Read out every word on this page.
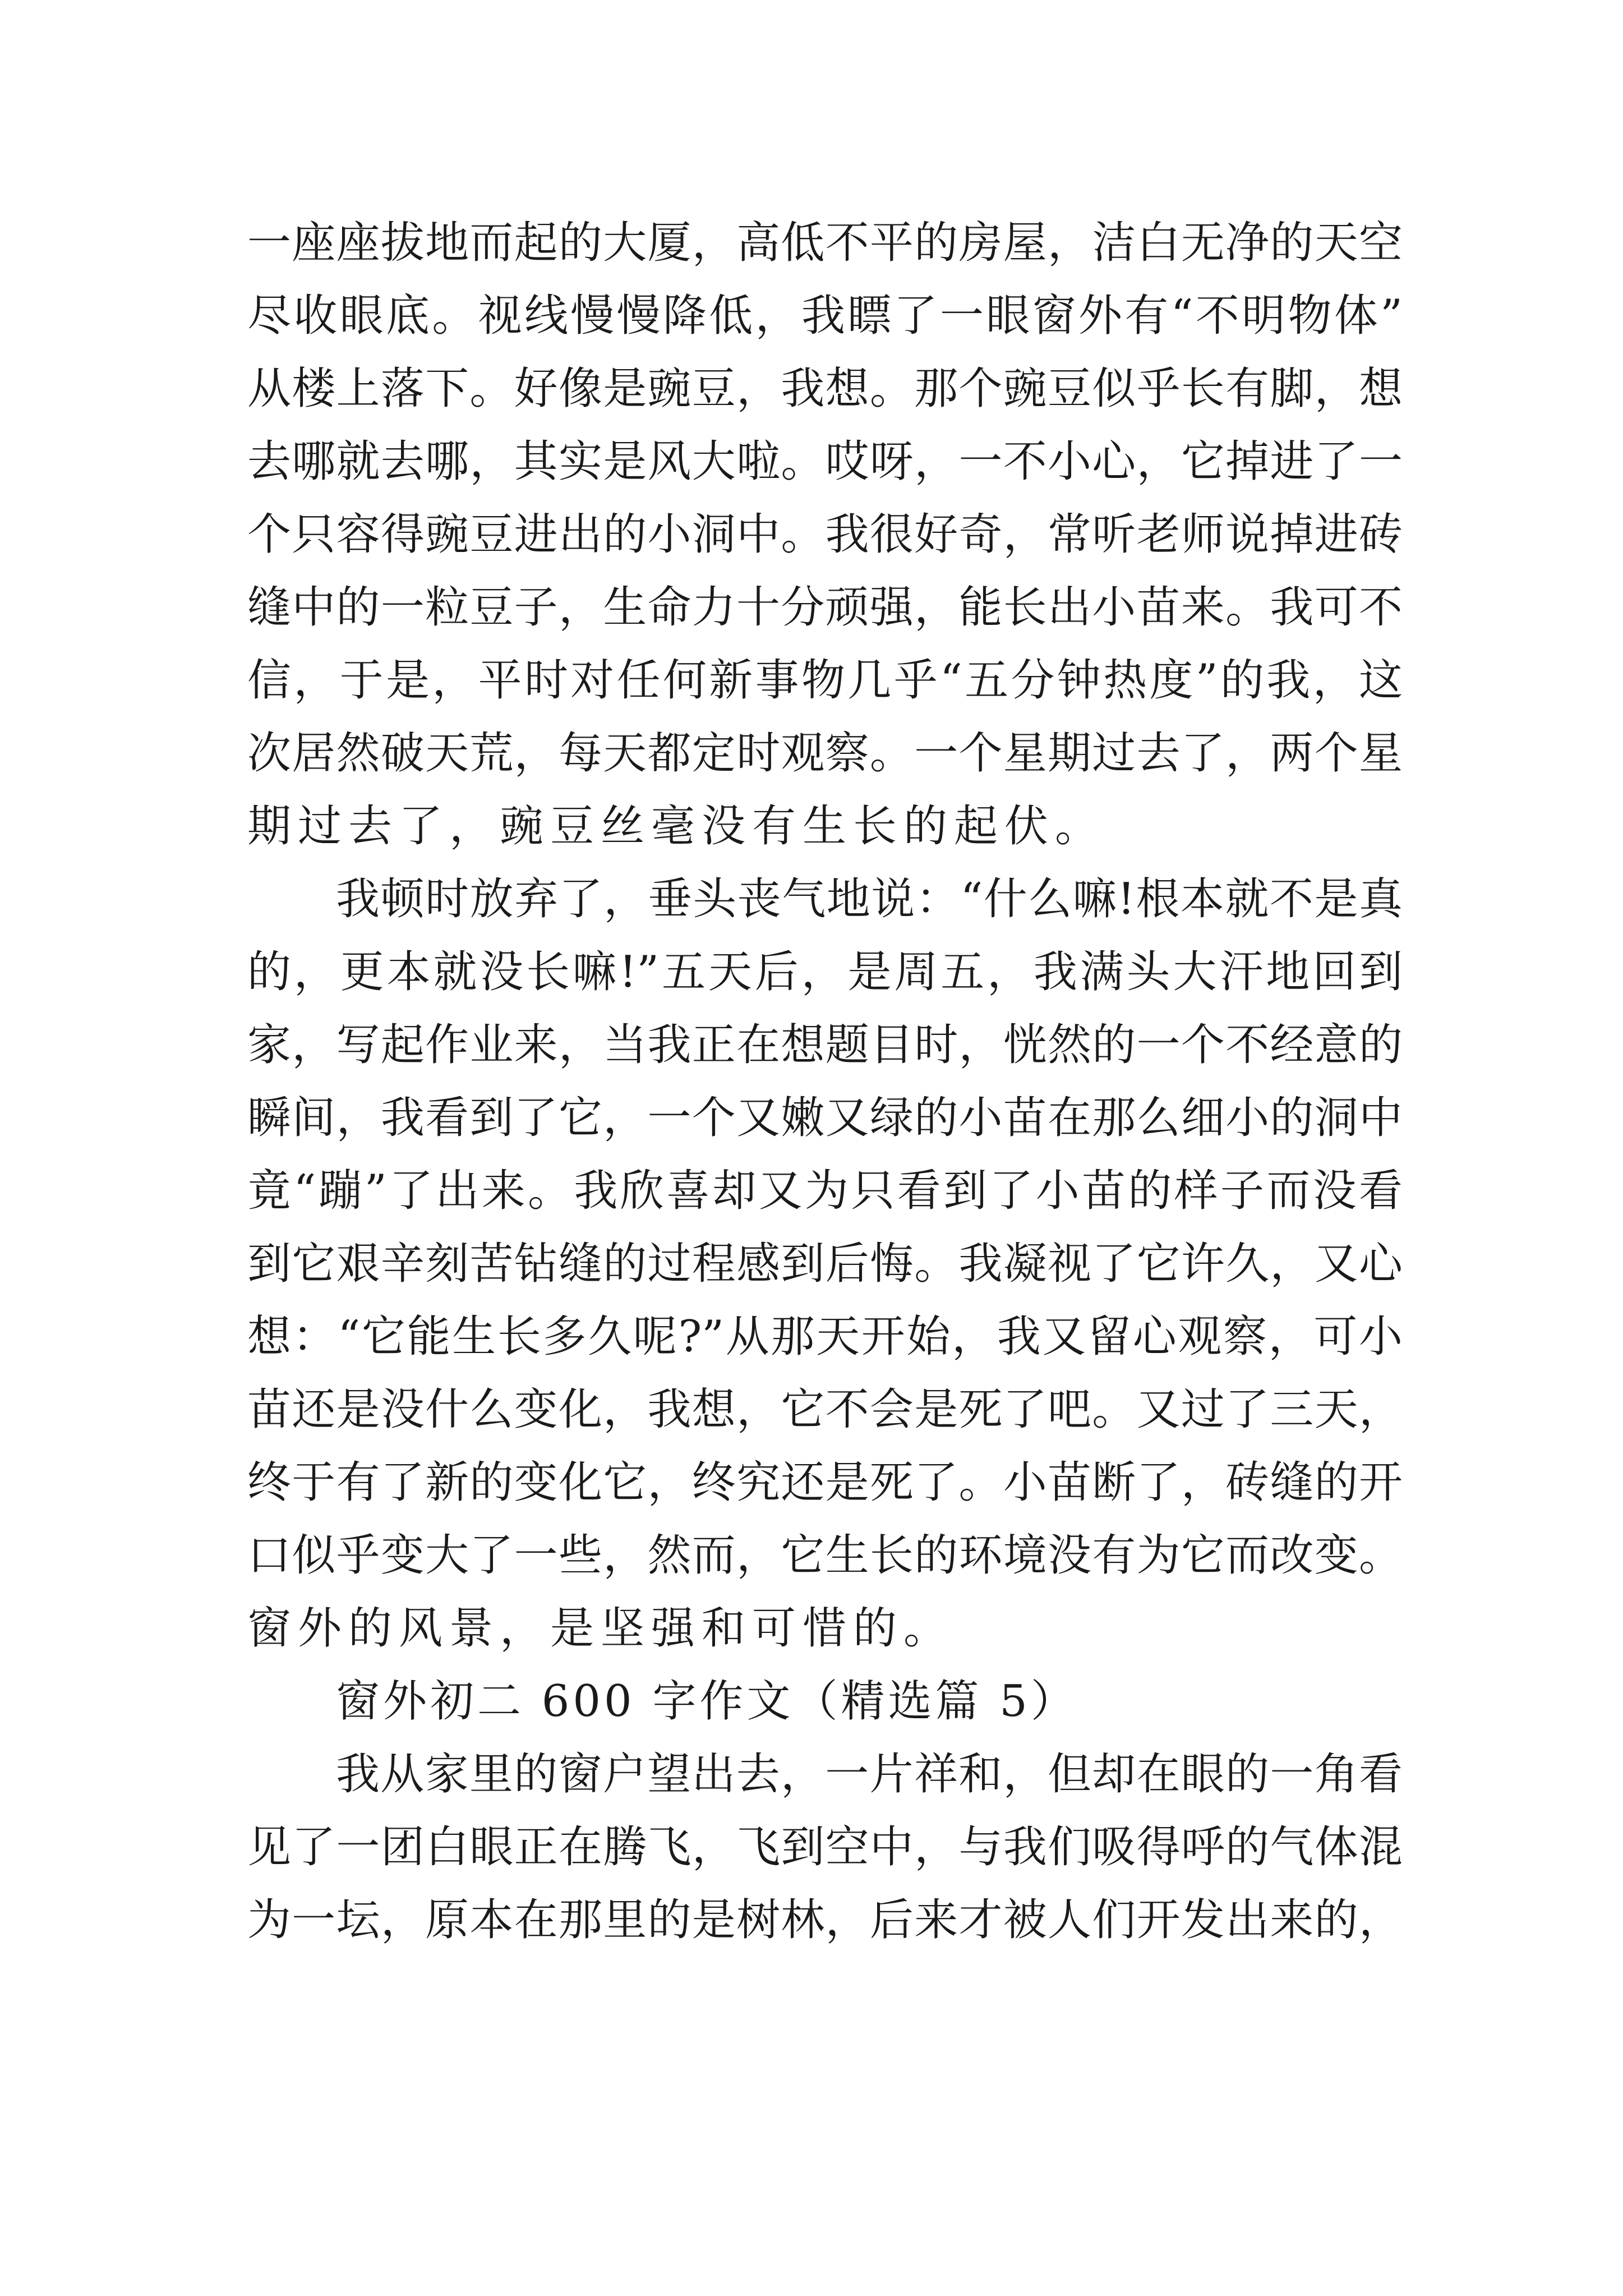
一座座拔地而起的大厦，高低不平的房屋，洁白无净的天空
尽收眼底。视线慢慢降低，我瞟了一眼窗外有“不明物体”
从楼上落下。好像是豌豆，我想。那个豌豆似乎长有脚，想
去哪就去哪，其实是风大啦。哎呀，一不小心，它掉进了一
个只容得豌豆进出的小洞中。我很好奇，常听老师说掉进砖
缝中的一粒豆子，生命力十分顽强，能长出小苗来。我可不
信，于是，平时对任何新事物几乎“五分钟热度”的我，这
次居然破天荒，每天都定时观察。一个星期过去了，两个星
期过去了，豌豆丝毫没有生长的起伏。
我顿时放弃了，垂头丧气地说：“什么嘛!根本就不是真
的，更本就没长嘛!”五天后，是周五，我满头大汗地回到
家，写起作业来，当我正在想题目时，恍然的一个不经意的
瞬间，我看到了它，一个又嫩又绿的小苗在那么细小的洞中
竟“蹦”了出来。我欣喜却又为只看到了小苗的样子而没看
到它艰辛刻苦钻缝的过程感到后悔。我凝视了它许久，又心
想：“它能生长多久呢?”从那天开始，我又留心观察，可小
苗还是没什么变化，我想，它不会是死了吧。又过了三天，
终于有了新的变化它，终究还是死了。小苗断了，砖缝的开
口似乎变大了一些，然而，它生长的环境没有为它而改变。
窗外的风景，是坚强和可惜的。
窗外初二 600 字作文（精选篇 5）
我从家里的窗户望出去，一片祥和，但却在眼的一角看
见了一团白眼正在腾飞，飞到空中，与我们吸得呼的气体混
为一坛，原本在那里的是树林，后来才被人们开发出来的，
